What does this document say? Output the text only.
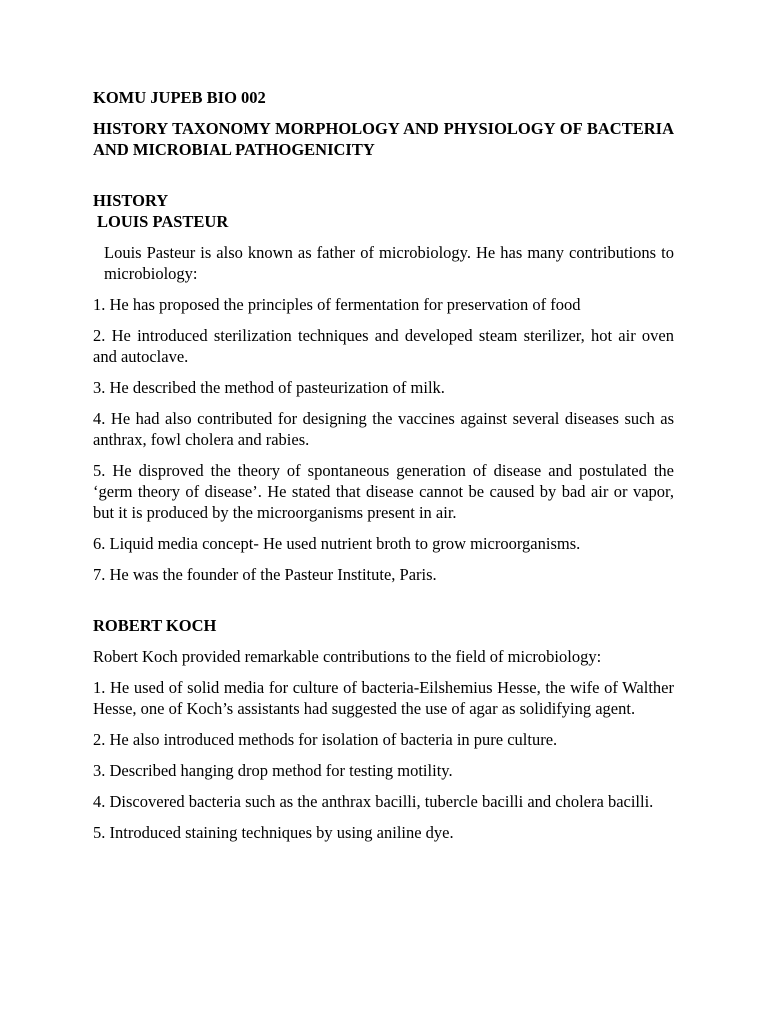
KOMU JUPEB BIO 002

HISTORY TAXONOMY MORPHOLOGY AND PHYSIOLOGY OF BACTERIA AND MICROBIAL PATHOGENICITY

HISTORY

LOUIS PASTEUR

Louis Pasteur is also known as father of microbiology. He has many contributions to microbiology:

1. He has proposed the principles of fermentation for preservation of food

2. He introduced sterilization techniques and developed steam sterilizer, hot air oven and autoclave.

3. He described the method of pasteurization of milk.

4. He had also contributed for designing the vaccines against several diseases such as anthrax, fowl cholera and rabies.

5. He disproved the theory of spontaneous generation of disease and postulated the ‘germ theory of disease’. He stated that disease cannot be caused by bad air or vapor, but it is produced by the microorganisms present in air.

6. Liquid media concept- He used nutrient broth to grow microorganisms.

7. He was the founder of the Pasteur Institute, Paris.

ROBERT KOCH

Robert Koch provided remarkable contributions to the field of microbiology:

1. He used of solid media for culture of bacteria-Eilshemius Hesse, the wife of Walther Hesse, one of Koch’s assistants had suggested the use of agar as solidifying agent.

2. He also introduced methods for isolation of bacteria in pure culture.

3. Described hanging drop method for testing motility.

4. Discovered bacteria such as the anthrax bacilli, tubercle bacilli and cholera bacilli.

5. Introduced staining techniques by using aniline dye.
